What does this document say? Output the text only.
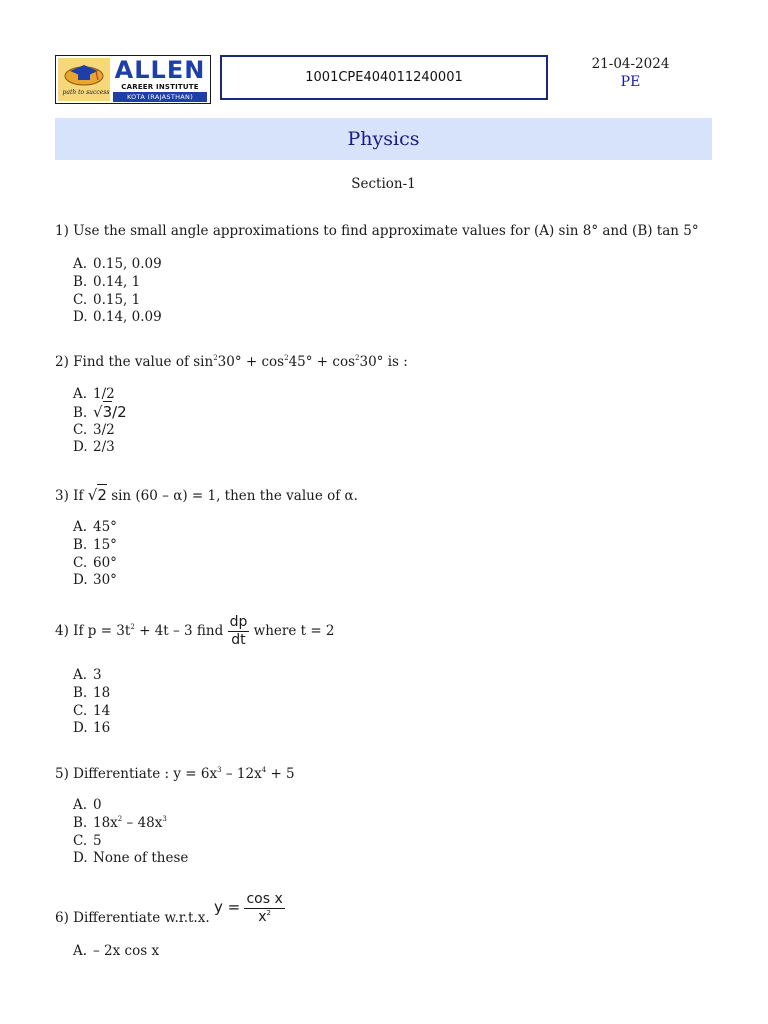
path to success
ALLEN
CAREER INSTITUTE
KOTA (RAJASTHAN)
1001CPE404011240001
21-04-2024
PE
Physics
Section-1
1) Use the small angle approximations to find approximate values for (A) sin 8° and (B) tan 5°
A. 0.15, 0.09
B. 0.14, 1
C. 0.15, 1
D. 0.14, 0.09
2) Find the value of $\sin^230^\circ + \cos^245^\circ + \cos^230^\circ$ is :
A. 1/2
B. √3/2
C. 3/2
D. 2/3
3) If √2 sin (60 – α) = 1, then the value of α.
A. 45°
B. 15°
C. 60°
D. 30°
4) If $p = 3t^2 + 4t - 3$ find $\frac{dp}{dt}$ where t = 2
A. 3
B. 18
C. 14
D. 16
5) Differentiate : $y = 6x^3 - 12x^4 + 5$
A. 0
B. $18x^2 - 48x^3$
C. 5
D. None of these
6) Differentiate w.r.t.x. $y = \frac{\text{cos x}}{x^2}$
A. – 2x cos x
